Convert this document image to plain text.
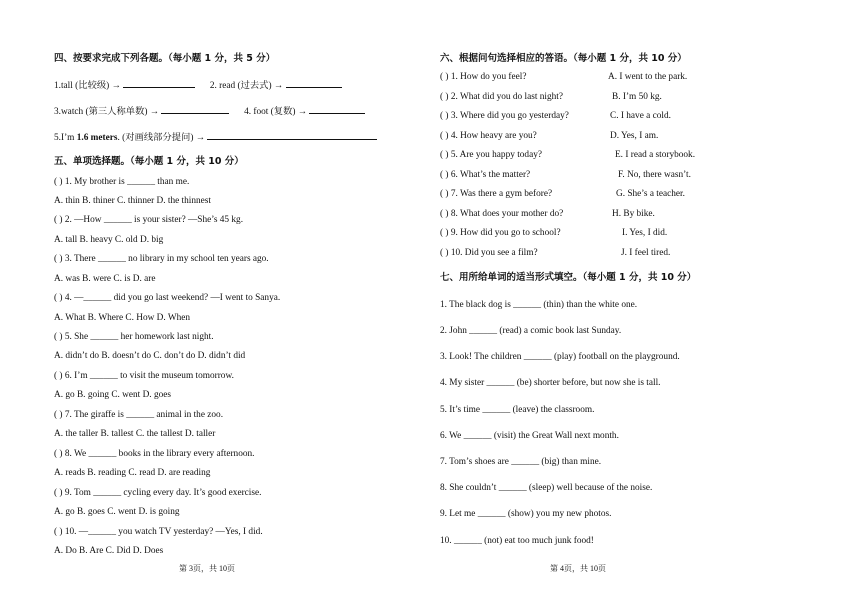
四、按要求完成下列各题。（每小题 1 分，共 5 分）
1.tall (比较级) →	2. read (过去式) →
3.watch (第三人称单数) →	4. foot (复数) →
5.I’m 1.6 meters. (对画线部分提问) →
五、单项选择题。（每小题 1 分，共 10 分）
( ) 1. My brother is ______ than me.
A. thin B. thiner C. thinner D. the thinnest
( ) 2. —How ______ is your sister? —She’s 45 kg.
A. tall B. heavy C. old D. big
( ) 3. There ______ no library in my school ten years ago.
A. was B. were C. is D. are
( ) 4. —______ did you go last weekend? —I went to Sanya.
A. What B. Where C. How D. When
( ) 5. She ______ her homework last night.
A. didn’t do B. doesn’t do C. don’t do D. didn’t did
( ) 6. I’m ______ to visit the museum tomorrow.
A. go B. going C. went D. goes
( ) 7. The giraffe is ______ animal in the zoo.
A. the taller B. tallest C. the tallest D. taller
( ) 8. We ______ books in the library every afternoon.
A. reads B. reading C. read D. are reading
( ) 9. Tom ______ cycling every day. It’s good exercise.
A. go B. goes C. went D. is going
( ) 10. —______ you watch TV yesterday? —Yes, I did.
A. Do B. Are C. Did D. Does
第 3页，共 10页
六、根据问句选择相应的答语。（每小题 1 分，共 10 分）
( ) 1. How do you feel?	A. I went to the park.
( ) 2. What did you do last night?	B. I’m 50 kg.
( ) 3. Where did you go yesterday?	C. I have a cold.
( ) 4. How heavy are you?	D. Yes, I am.
( ) 5. Are you happy today?	E. I read a storybook.
( ) 6. What’s the matter?	F. No, there wasn’t.
( ) 7. Was there a gym before?	G. She’s a teacher.
( ) 8. What does your mother do?	H. By bike.
( ) 9. How did you go to school?	I. Yes, I did.
( ) 10. Did you see a film?	J. I feel tired.
七、用所给单词的适当形式填空。（每小题 1 分，共 10 分）
1. The black dog is ______ (thin) than the white one.
2. John ______ (read) a comic book last Sunday.
3. Look! The children ______ (play) football on the playground.
4. My sister ______ (be) shorter before, but now she is tall.
5. It’s time ______ (leave) the classroom.
6. We ______ (visit) the Great Wall next month.
7. Tom’s shoes are ______ (big) than mine.
8. She couldn’t ______ (sleep) well because of the noise.
9. Let me ______ (show) you my new photos.
10. ______ (not) eat too much junk food!
第 4页，共 10页
